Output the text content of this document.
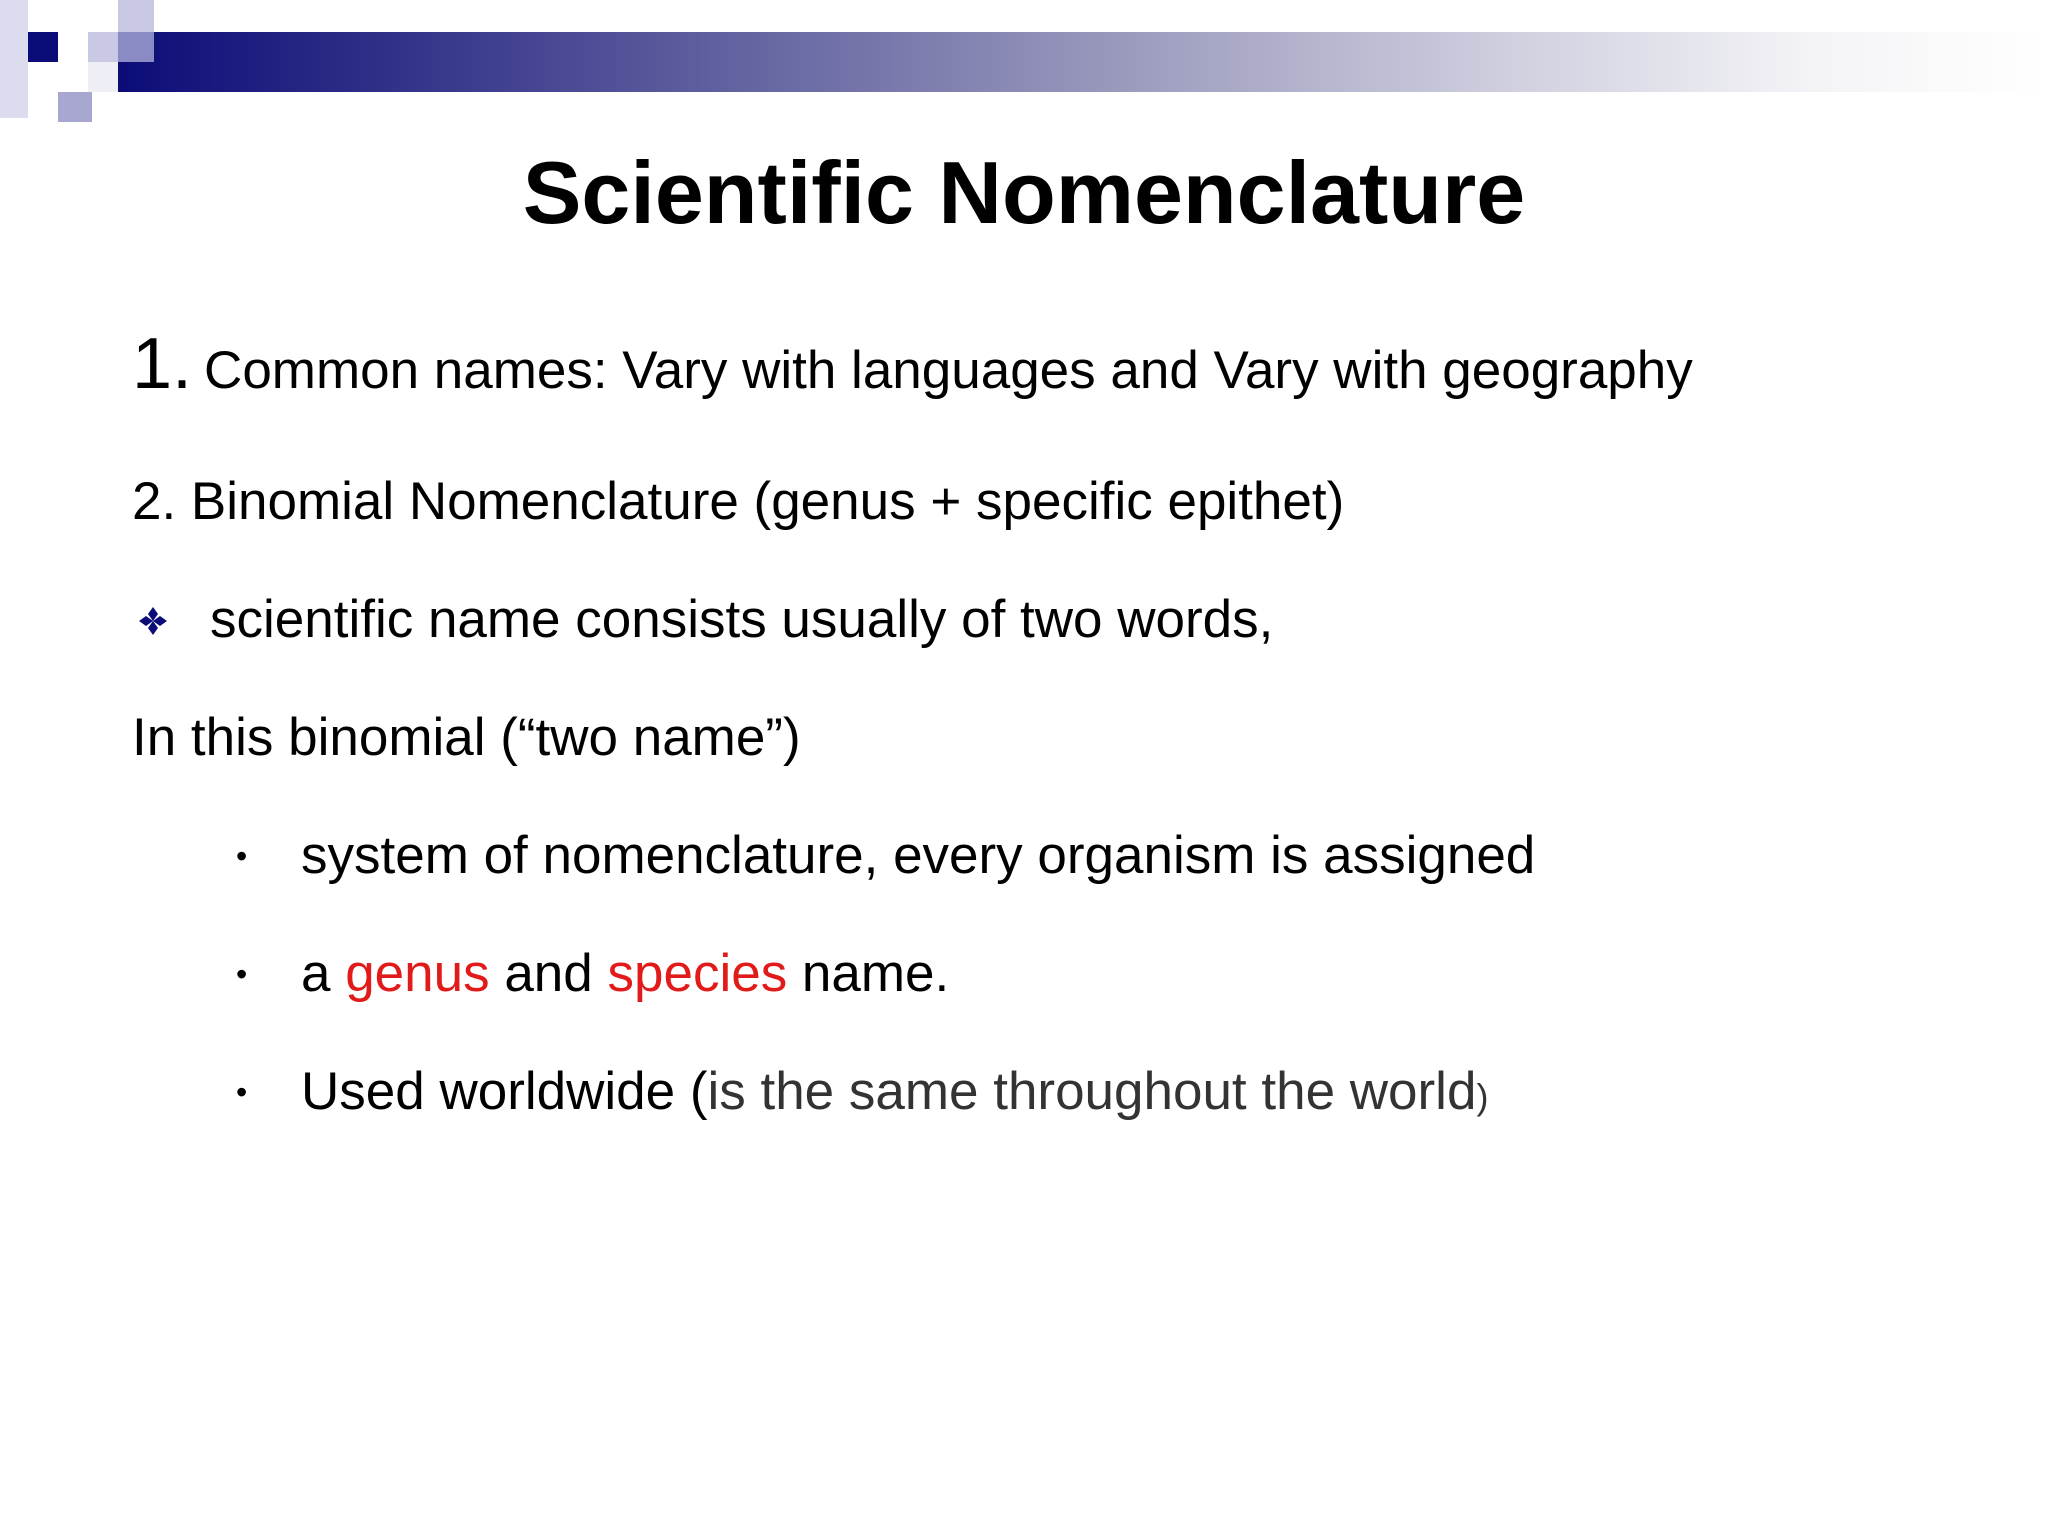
Scientific Nomenclature
1. Common names: Vary with languages and Vary with geography
2. Binomial Nomenclature (genus + specific epithet)
scientific name consists usually of two words,
In this binomial (“two name”)
• system of nomenclature, every organism is assigned
• a genus and species name.
• Used worldwide (is the same throughout the world)
